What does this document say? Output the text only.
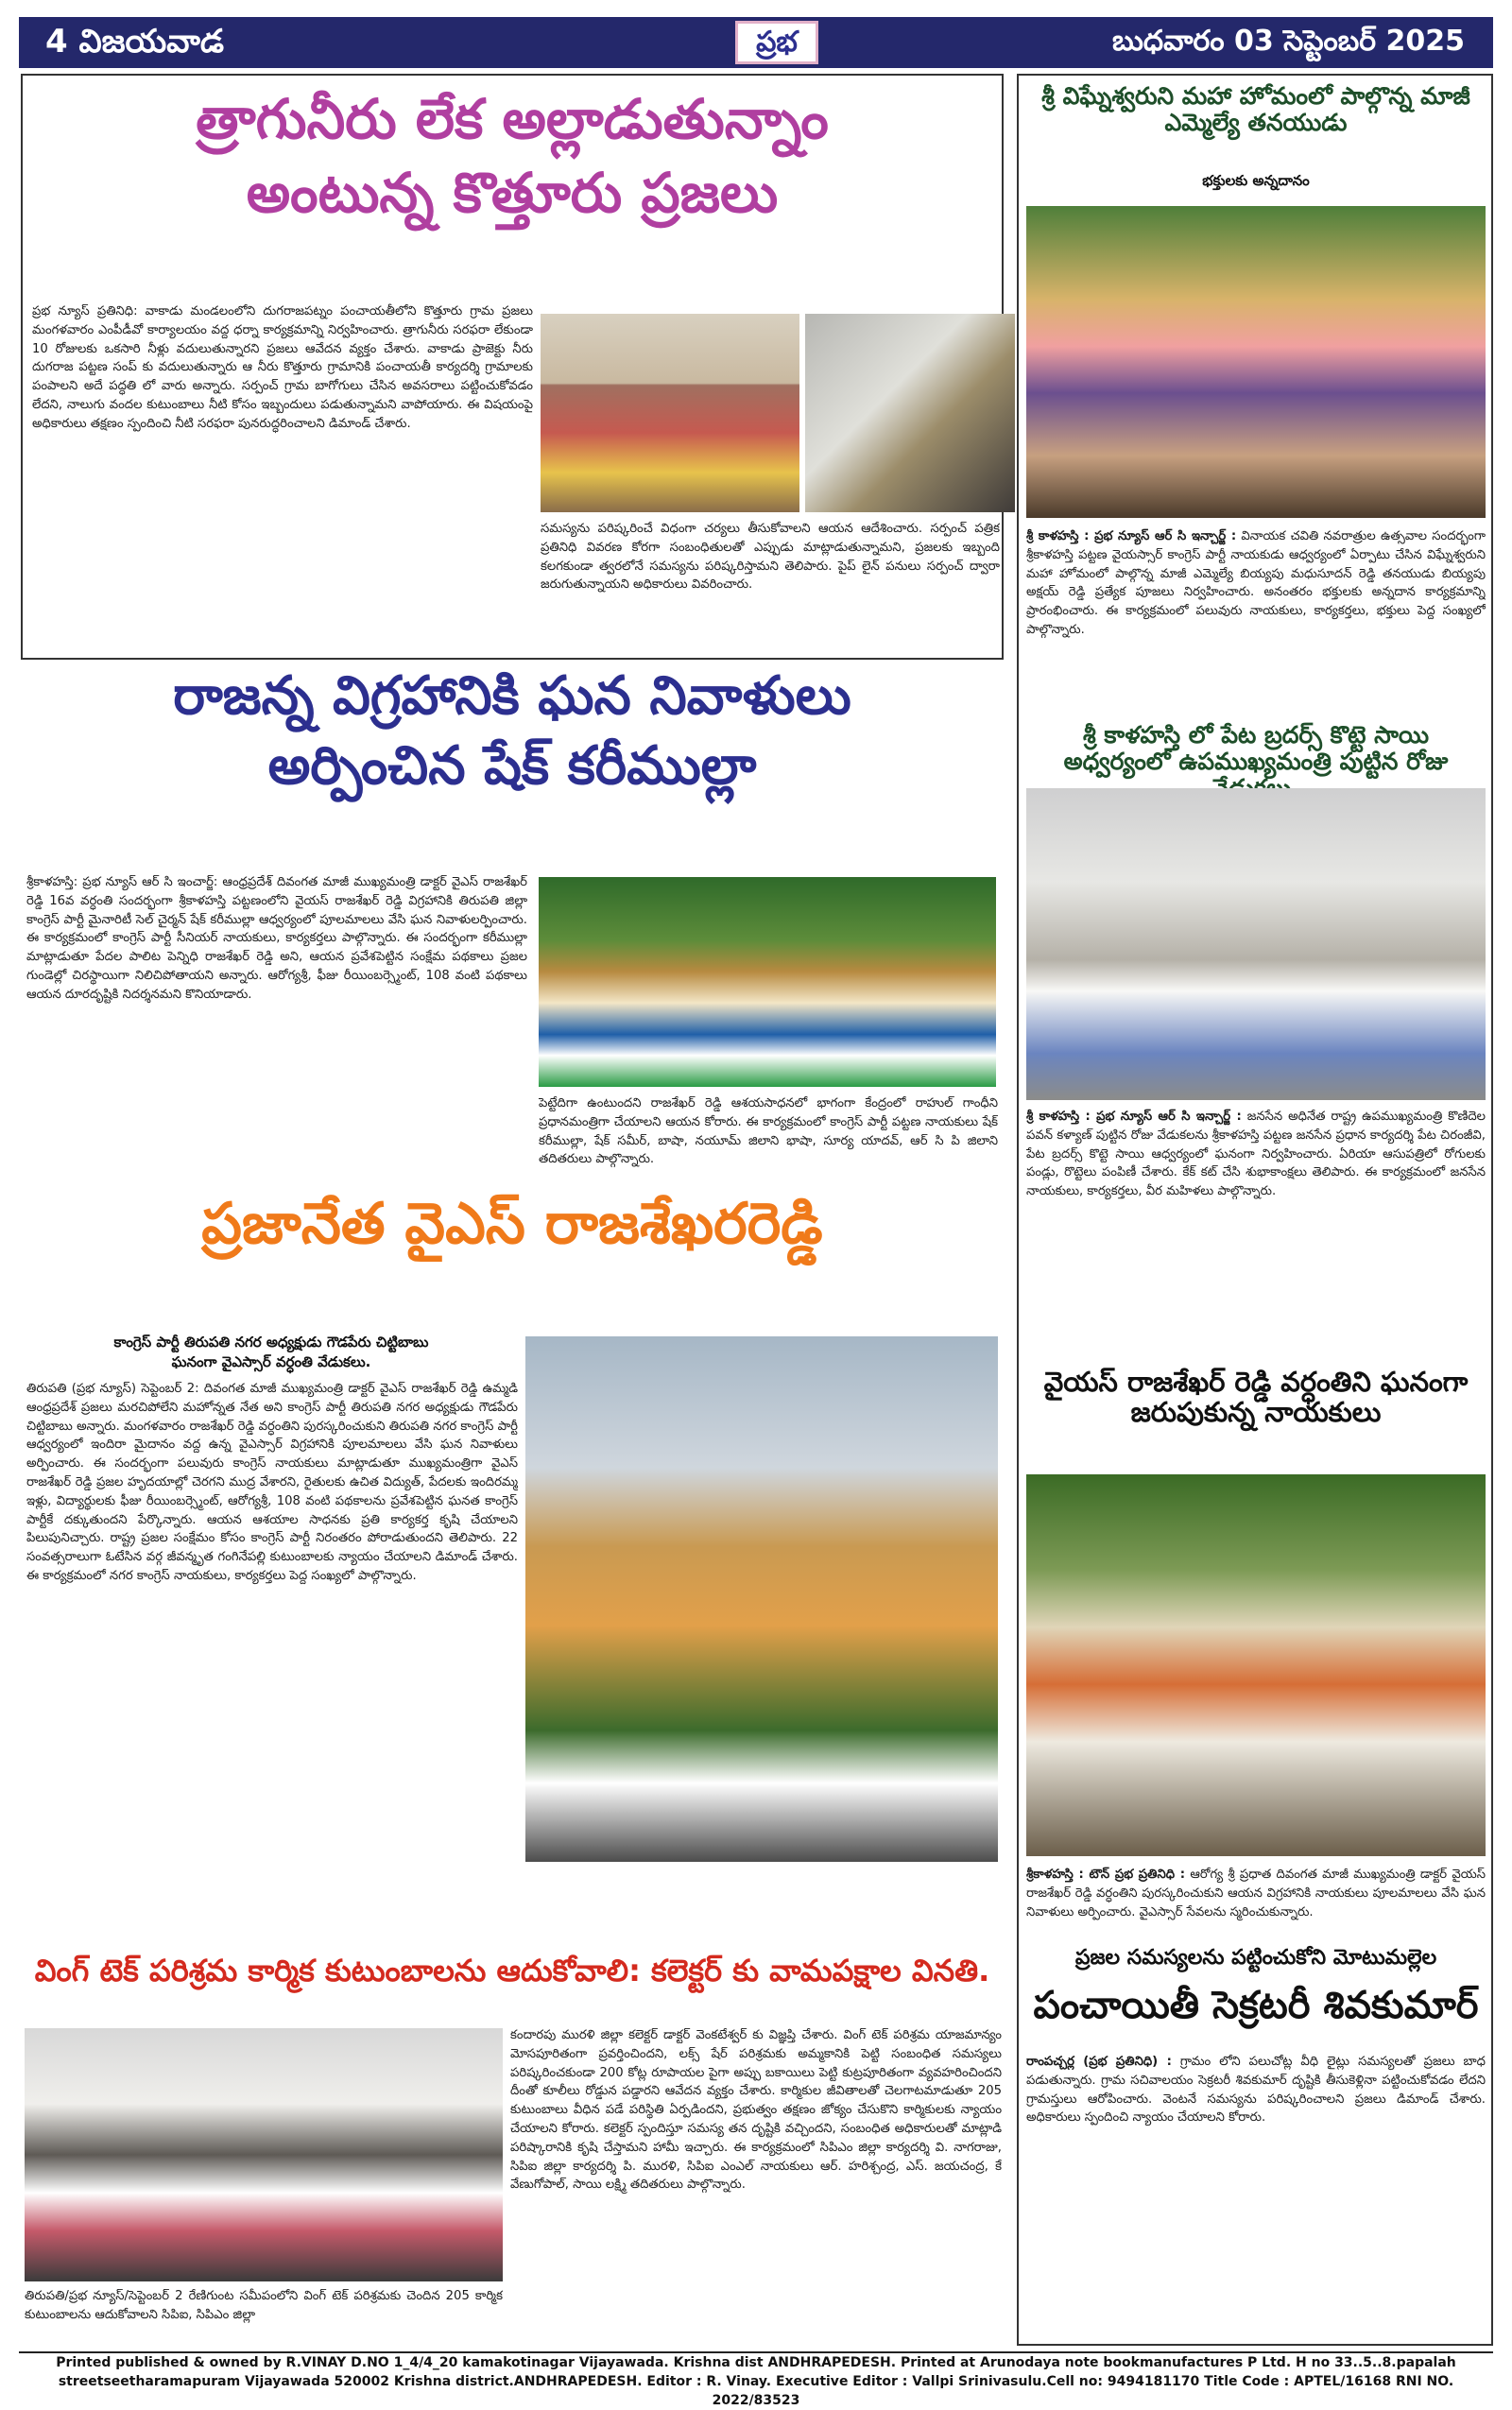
4 విజయవాడ	ప్రభ	బుధవారం 03 సెప్టెంబర్ 2025
త్రాగునీరు లేక అల్లాడుతున్నాం
అంటున్న కొత్తూరు ప్రజలు
ప్రభ న్యూస్ ప్రతినిధి: వాకాడు మండలంలోని దుగరాజపట్నం పంచాయతీలోని కొత్తూరు గ్రామ ప్రజలు మంగళవారం ఎంపీడీవో కార్యాలయం వద్ద ధర్నా కార్యక్రమాన్ని నిర్వహించారు. త్రాగునీరు సరఫరా లేకుండా 10 రోజులకు ఒకసారి నీళ్లు వదులుతున్నారని ప్రజలు ఆవేదన వ్యక్తం చేశారు. వాకాడు ప్రాజెక్టు నీరు దుగరాజ పట్టణ సంప్ కు వదులుతున్నారు ఆ నీరు కొత్తూరు గ్రామానికి పంచాయతీ కార్యదర్శి గ్రామాలకు పంపాలని అదే పద్ధతి లో వారు అన్నారు. సర్పంచ్ గ్రామ బాగోగులు చేసిన అవసరాలు పట్టించుకోవడం లేదని, నాలుగు వందల కుటుంబాలు నీటి కోసం ఇబ్బందులు పడుతున్నామని వాపోయారు. ఈ విషయంపై అధికారులు తక్షణం స్పందించి నీటి సరఫరా పునరుద్ధరించాలని డిమాండ్ చేశారు.
సమస్యను పరిష్కరించే విధంగా చర్యలు తీసుకోవాలని ఆయన ఆదేశించారు. సర్పంచ్ పత్రిక ప్రతినిధి వివరణ కోరగా సంబంధితులతో ఎప్పుడు మాట్లాడుతున్నామని, ప్రజలకు ఇబ్బంది కలగకుండా త్వరలోనే సమస్యను పరిష్కరిస్తామని తెలిపారు. పైప్ లైన్ పనులు సర్పంచ్ ద్వారా జరుగుతున్నాయని అధికారులు వివరించారు.
రాజన్న విగ్రహానికి ఘన నివాళులు
అర్పించిన షేక్ కరీముల్లా
శ్రీకాళహస్తి: ప్రభ న్యూస్ ఆర్ సి ఇంచార్జ్: ఆంధ్రప్రదేశ్ దివంగత మాజీ ముఖ్యమంత్రి డాక్టర్ వైఎస్ రాజశేఖర్ రెడ్డి 16వ వర్ధంతి సందర్భంగా శ్రీకాళహస్తి పట్టణంలోని వైయస్ రాజశేఖర్ రెడ్డి విగ్రహానికి తిరుపతి జిల్లా కాంగ్రెస్ పార్టీ మైనారిటీ సెల్ చైర్మన్ షేక్ కరీముల్లా ఆధ్వర్యంలో పూలమాలలు వేసి ఘన నివాళులర్పించారు. ఈ కార్యక్రమంలో కాంగ్రెస్ పార్టీ సీనియర్ నాయకులు, కార్యకర్తలు పాల్గొన్నారు. ఈ సందర్భంగా కరీముల్లా మాట్లాడుతూ పేదల పాలిట పెన్నిధి రాజశేఖర్ రెడ్డి అని, ఆయన ప్రవేశపెట్టిన సంక్షేమ పథకాలు ప్రజల గుండెల్లో చిరస్థాయిగా నిలిచిపోతాయని అన్నారు. ఆరోగ్యశ్రీ, ఫీజు రీయింబర్స్మెంట్, 108 వంటి పథకాలు ఆయన దూరదృష్టికి నిదర్శనమని కొనియాడారు.
పెట్టేదిగా ఉంటుందని రాజశేఖర్ రెడ్డి ఆశయసాధనలో భాగంగా కేంద్రంలో రాహుల్ గాంధీని ప్రధానమంత్రిగా చేయాలని ఆయన కోరారు. ఈ కార్యక్రమంలో కాంగ్రెస్ పార్టీ పట్టణ నాయకులు షేక్ కరీముల్లా, షేక్ సమీర్, బాషా, నయూమ్ జిలాని భాషా, సూర్య యాదవ్, ఆర్ సి పి జిలాని తదితరులు పాల్గొన్నారు.
ప్రజానేత వైఎస్ రాజశేఖరరెడ్డి
కాంగ్రెస్ పార్టీ తిరుపతి నగర అధ్యక్షుడు గౌడపేరు చిట్టిబాబు
ఘనంగా వైఎస్సార్ వర్ధంతి వేడుకలు.
తిరుపతి (ప్రభ న్యూస్) సెప్టెంబర్ 2: దివంగత మాజీ ముఖ్యమంత్రి డాక్టర్ వైఎస్ రాజశేఖర్ రెడ్డి ఉమ్మడి ఆంధ్రప్రదేశ్ ప్రజలు మరచిపోలేని మహోన్నత నేత అని కాంగ్రెస్ పార్టీ తిరుపతి నగర అధ్యక్షుడు గౌడపేరు చిట్టిబాబు అన్నారు. మంగళవారం రాజశేఖర్ రెడ్డి వర్ధంతిని పురస్కరించుకుని తిరుపతి నగర కాంగ్రెస్ పార్టీ ఆధ్వర్యంలో ఇందిరా మైదానం వద్ద ఉన్న వైఎస్సార్ విగ్రహానికి పూలమాలలు వేసి ఘన నివాళులు అర్పించారు. ఈ సందర్భంగా పలువురు కాంగ్రెస్ నాయకులు మాట్లాడుతూ ముఖ్యమంత్రిగా వైఎస్ రాజశేఖర్ రెడ్డి ప్రజల హృదయాల్లో చెరగని ముద్ర వేశారని, రైతులకు ఉచిత విద్యుత్, పేదలకు ఇందిరమ్మ ఇళ్లు, విద్యార్థులకు ఫీజు రీయింబర్స్మెంట్, ఆరోగ్యశ్రీ, 108 వంటి పథకాలను ప్రవేశపెట్టిన ఘనత కాంగ్రెస్ పార్టీకే దక్కుతుందని పేర్కొన్నారు. ఆయన ఆశయాల సాధనకు ప్రతి కార్యకర్త కృషి చేయాలని పిలుపునిచ్చారు. రాష్ట్ర ప్రజల సంక్షేమం కోసం కాంగ్రెస్ పార్టీ నిరంతరం పోరాడుతుందని తెలిపారు. 22 సంవత్సరాలుగా ఓటేసిన వర్గ జీవన్మృత గంగినేపల్లి కుటుంబాలకు న్యాయం చేయాలని డిమాండ్ చేశారు. ఈ కార్యక్రమంలో నగర కాంగ్రెస్ నాయకులు, కార్యకర్తలు పెద్ద సంఖ్యలో పాల్గొన్నారు.
వింగ్ టెక్ పరిశ్రమ కార్మిక కుటుంబాలను ఆదుకోవాలి: కలెక్టర్ కు వామపక్షాల వినతి.
తిరుపతి/ప్రభ న్యూస్/సెప్టెంబర్ 2 రేణిగుంట సమీపంలోని వింగ్ టెక్ పరిశ్రమకు చెందిన 205 కార్మిక కుటుంబాలను ఆదుకోవాలని సిపిఐ, సిపిఎం జిల్లా
కందారపు మురళి జిల్లా కలెక్టర్ డాక్టర్ వెంకటేశ్వర్ కు విజ్ఞప్తి చేశారు. వింగ్ టెక్ పరిశ్రమ యాజమాన్యం మోసపూరితంగా ప్రవర్తించిందని, లక్స్ షేర్ పరిశ్రమకు అమ్మకానికి పెట్టి సంబంధిత సమస్యలు పరిష్కరించకుండా 200 కోట్ల రూపాయల పైగా అప్పు బకాయిలు పెట్టి కుట్రపూరితంగా వ్యవహరించిందని దీంతో కూలీలు రోడ్డున పడ్డారని ఆవేదన వ్యక్తం చేశారు. కార్మికుల జీవితాలతో చెలగాటమాడుతూ 205 కుటుంబాలు వీధిన పడే పరిస్థితి ఏర్పడిందని, ప్రభుత్వం తక్షణం జోక్యం చేసుకొని కార్మికులకు న్యాయం చేయాలని కోరారు. కలెక్టర్ స్పందిస్తూ సమస్య తన దృష్టికి వచ్చిందని, సంబంధిత అధికారులతో మాట్లాడి పరిష్కారానికి కృషి చేస్తామని హామీ ఇచ్చారు. ఈ కార్యక్రమంలో సిపిఎం జిల్లా కార్యదర్శి వి. నాగరాజు, సిపిఐ జిల్లా కార్యదర్శి పి. మురళి, సిపిఐ ఎంఎల్ నాయకులు ఆర్. హరిశ్చంద్ర, ఎస్. జయచంద్ర, కే వేణుగోపాల్, సాయి లక్ష్మి తదితరులు పాల్గొన్నారు.
శ్రీ విఘ్నేశ్వరుని మహా హోమంలో పాల్గొన్న మాజీ ఎమ్మెల్యే తనయుడు
భక్తులకు అన్నదానం
శ్రీ కాళహస్తి : ప్రభ న్యూస్ ఆర్ సి ఇన్చార్జ్ : వినాయక చవితి నవరాత్రుల ఉత్సవాల సందర్భంగా శ్రీకాళహస్తి పట్టణ వైయస్సార్ కాంగ్రెస్ పార్టీ నాయకుడు ఆధ్వర్యంలో ఏర్పాటు చేసిన విఘ్నేశ్వరుని మహా హోమంలో పాల్గొన్న మాజీ ఎమ్మెల్యే బియ్యపు మధుసూదన్ రెడ్డి తనయుడు బియ్యపు అక్షయ్ రెడ్డి ప్రత్యేక పూజలు నిర్వహించారు. అనంతరం భక్తులకు అన్నదాన కార్యక్రమాన్ని ప్రారంభించారు. ఈ కార్యక్రమంలో పలువురు నాయకులు, కార్యకర్తలు, భక్తులు పెద్ద సంఖ్యలో పాల్గొన్నారు.
శ్రీ కాళహస్తి లో పేట బ్రదర్స్ కొట్టె సాయి అధ్వర్యంలో ఉపముఖ్యమంత్రి పుట్టిన రోజు
శ్రీ కాళహస్తి : ప్రభ న్యూస్ ఆర్ సి ఇన్చార్జ్ : జనసేన అధినేత రాష్ట్ర ఉపముఖ్యమంత్రి కొణిదెల పవన్ కళ్యాణ్ పుట్టిన రోజు వేడుకలను శ్రీకాళహస్తి పట్టణ జనసేన ప్రధాన కార్యదర్శి పేట చిరంజీవి, పేట బ్రదర్స్ కొట్టె సాయి ఆధ్వర్యంలో ఘనంగా నిర్వహించారు. ఏరియా ఆసుపత్రిలో రోగులకు పండ్లు, రొట్టెలు పంపిణీ చేశారు. కేక్ కట్ చేసి శుభాకాంక్షలు తెలిపారు. ఈ కార్యక్రమంలో జనసేన నాయకులు, కార్యకర్తలు, వీర మహిళలు పాల్గొన్నారు.
వైయస్ రాజశేఖర్ రెడ్డి వర్ధంతిని ఘనంగా జరుపుకున్న నాయకులు
శ్రీకాళహస్తి : టౌన్ ప్రభ ప్రతినిధి : ఆరోగ్య శ్రీ ప్రధాత దివంగత మాజీ ముఖ్యమంత్రి డాక్టర్ వైయస్ రాజశేఖర్ రెడ్డి వర్ధంతిని పురస్కరించుకుని ఆయన విగ్రహానికి నాయకులు పూలమాలలు వేసి ఘన నివాళులు అర్పించారు. వైఎస్సార్ సేవలను స్మరించుకున్నారు.
ప్రజల సమస్యలను పట్టించుకోని మోటుమల్లెల
పంచాయితీ సెక్రటరీ శివకుమార్
రాంపచ్చర్ల (ప్రభ ప్రతినిధి) : గ్రామం లోని పలుచోట్ల వీధి లైట్లు సమస్యలతో ప్రజలు బాధ పడుతున్నారు. గ్రామ సచివాలయం సెక్రటరీ శివకుమార్ దృష్టికి తీసుకెళ్లినా పట్టించుకోవడం లేదని గ్రామస్తులు ఆరోపించారు. వెంటనే సమస్యను పరిష్కరించాలని ప్రజలు డిమాండ్ చేశారు. అధికారులు స్పందించి న్యాయం చేయాలని కోరారు.
Printed published & owned by R.VINAY D.NO 1_4/4_20 kamakotinagar Vijayawada. Krishna dist ANDHRAPEDESH. Printed at Arunodaya note bookmanufactures P Ltd. H no 33..5..8.papalah
streetseetharamapuram Vijayawada 520002 Krishna district.ANDHRAPEDESH. Editor : R. Vinay. Executive Editor : Vallpi Srinivasulu.Cell no: 9494181170 Title Code : APTEL/16168 RNI NO. 2022/83523
